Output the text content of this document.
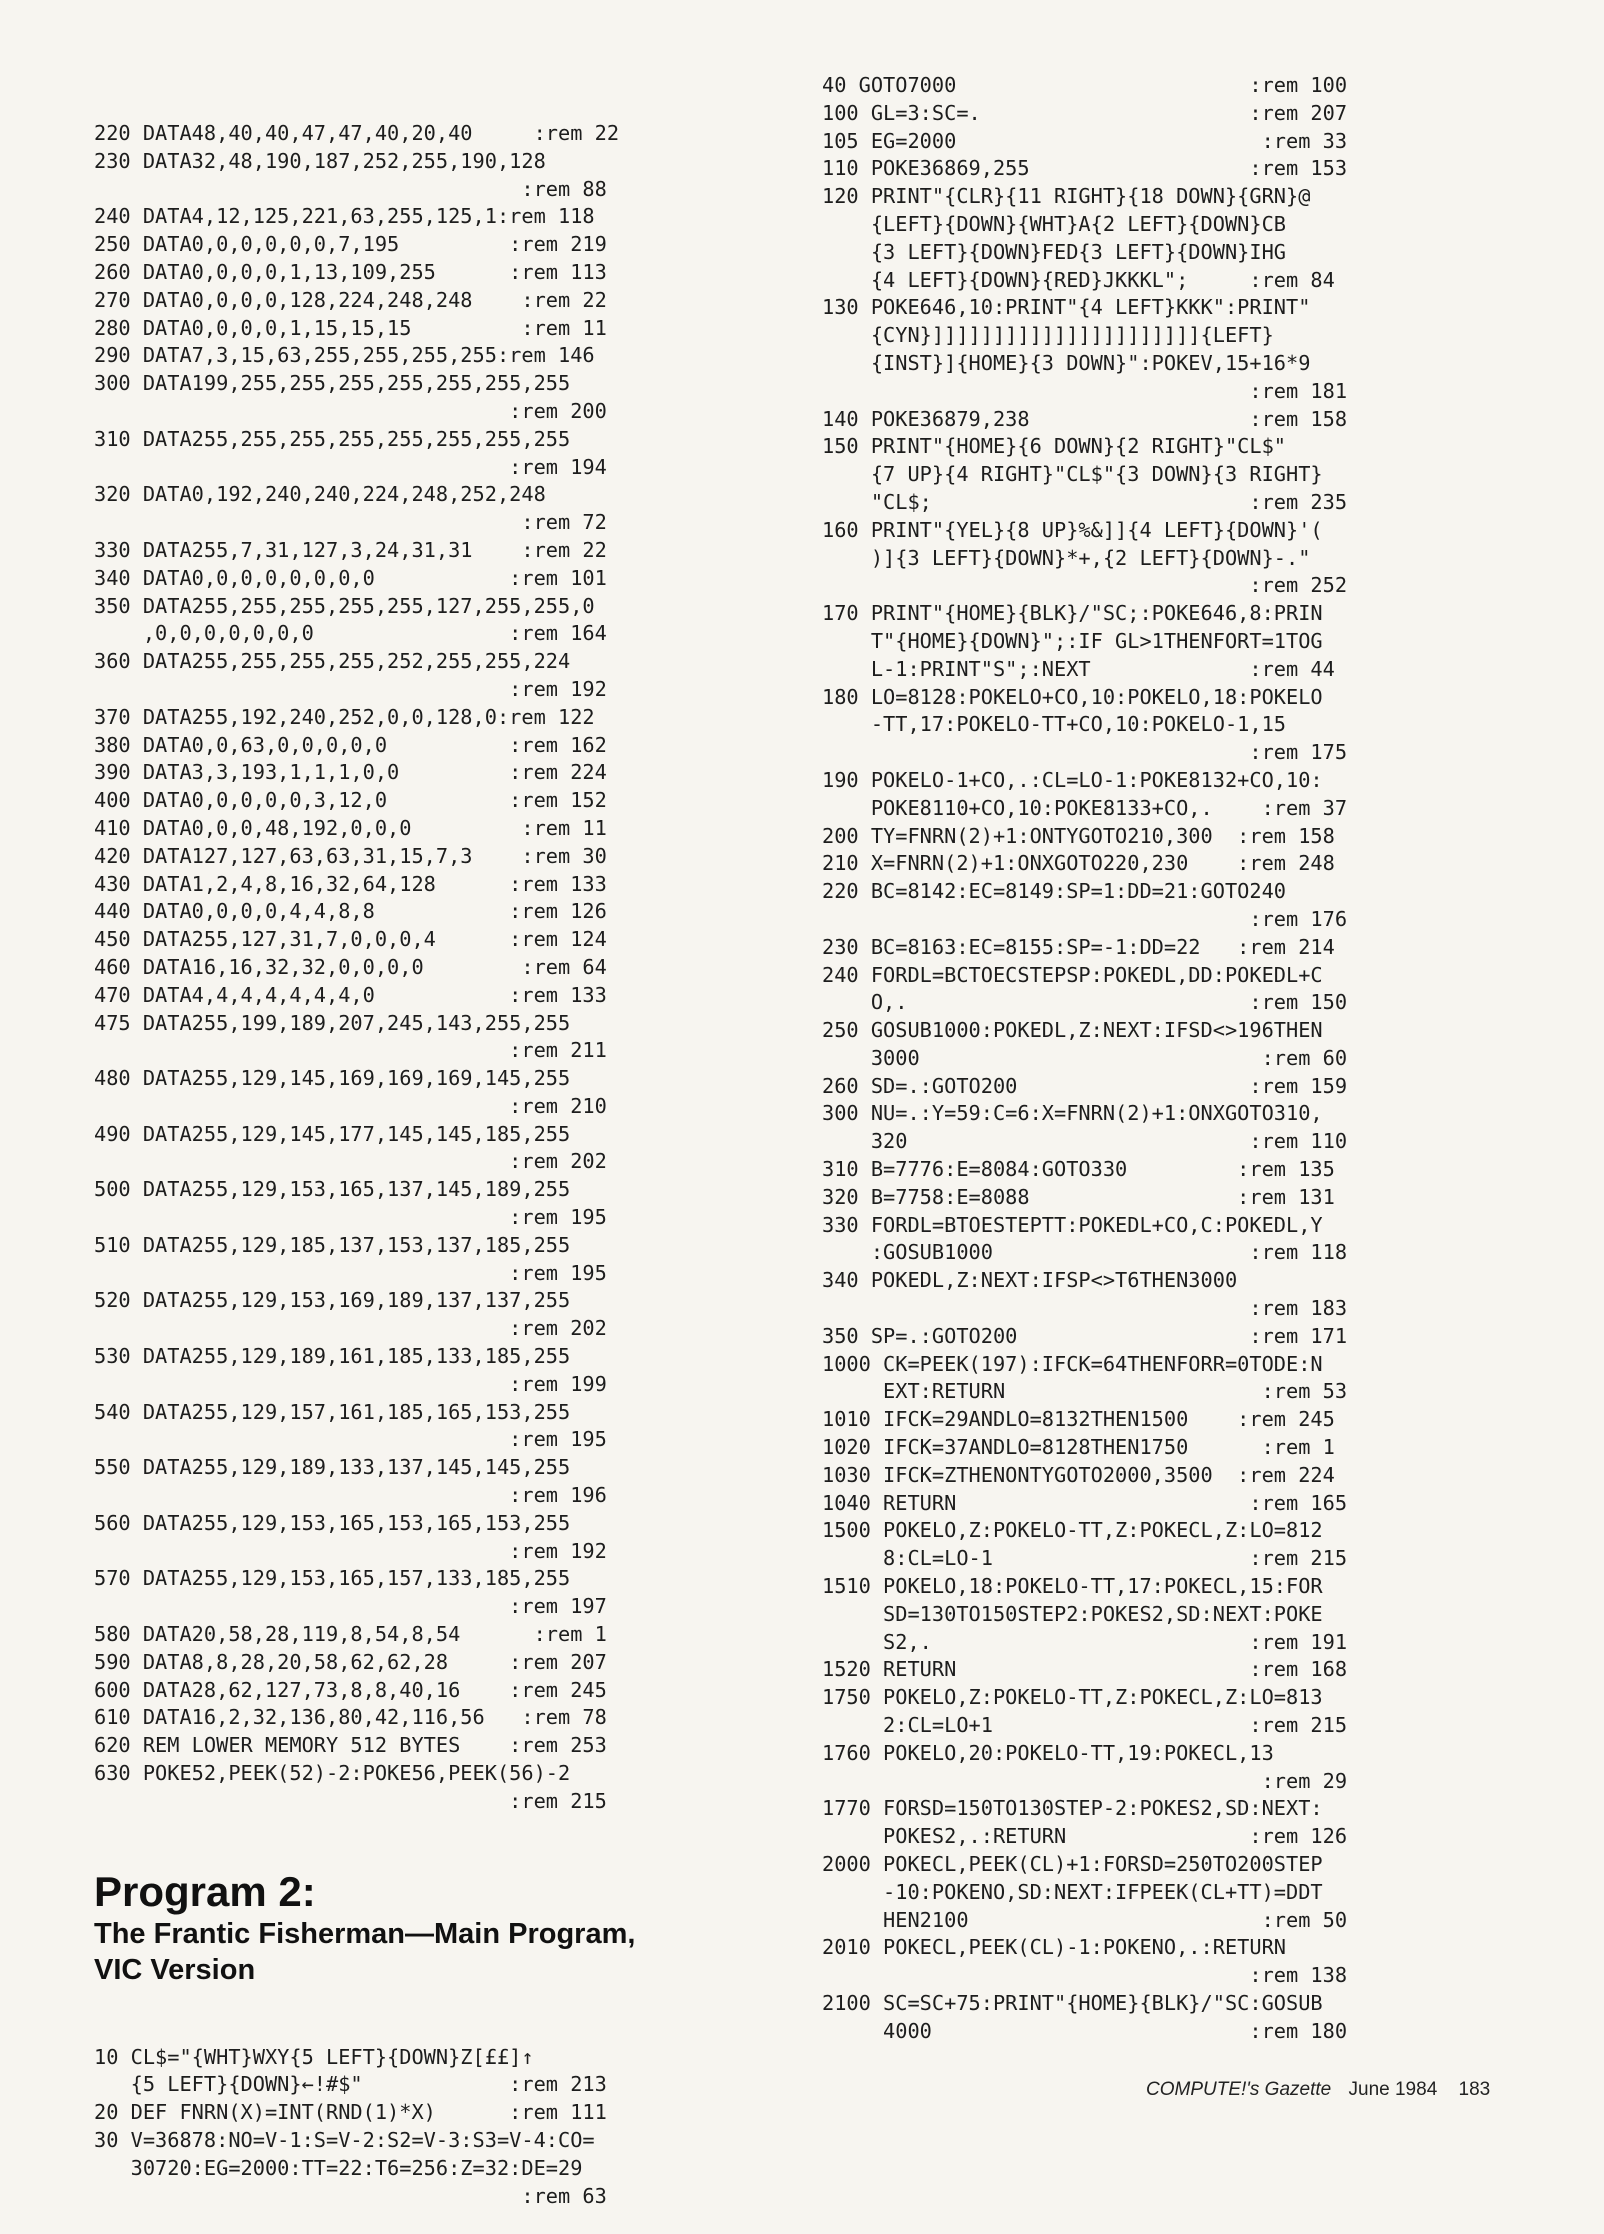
220 DATA48,40,40,47,47,40,20,40     :rem 22
230 DATA32,48,190,187,252,255,190,128
:rem 88
240 DATA4,12,125,221,63,255,125,1:rem 118
250 DATA0,0,0,0,0,0,7,195         :rem 219
260 DATA0,0,0,0,1,13,109,255      :rem 113
270 DATA0,0,0,0,128,224,248,248    :rem 22
280 DATA0,0,0,0,1,15,15,15         :rem 11
290 DATA7,3,15,63,255,255,255,255:rem 146
300 DATA199,255,255,255,255,255,255,255
:rem 200
310 DATA255,255,255,255,255,255,255,255
:rem 194
320 DATA0,192,240,240,224,248,252,248
:rem 72
330 DATA255,7,31,127,3,24,31,31    :rem 22
340 DATA0,0,0,0,0,0,0,0           :rem 101
350 DATA255,255,255,255,255,127,255,255,0
,0,0,0,0,0,0,0                :rem 164
360 DATA255,255,255,255,252,255,255,224
:rem 192
370 DATA255,192,240,252,0,0,128,0:rem 122
380 DATA0,0,63,0,0,0,0,0          :rem 162
390 DATA3,3,193,1,1,1,0,0         :rem 224
400 DATA0,0,0,0,0,3,12,0          :rem 152
410 DATA0,0,0,48,192,0,0,0         :rem 11
420 DATA127,127,63,63,31,15,7,3    :rem 30
430 DATA1,2,4,8,16,32,64,128      :rem 133
440 DATA0,0,0,0,4,4,8,8           :rem 126
450 DATA255,127,31,7,0,0,0,4      :rem 124
460 DATA16,16,32,32,0,0,0,0        :rem 64
470 DATA4,4,4,4,4,4,4,0           :rem 133
475 DATA255,199,189,207,245,143,255,255
:rem 211
480 DATA255,129,145,169,169,169,145,255
:rem 210
490 DATA255,129,145,177,145,145,185,255
:rem 202
500 DATA255,129,153,165,137,145,189,255
:rem 195
510 DATA255,129,185,137,153,137,185,255
:rem 195
520 DATA255,129,153,169,189,137,137,255
:rem 202
530 DATA255,129,189,161,185,133,185,255
:rem 199
540 DATA255,129,157,161,185,165,153,255
:rem 195
550 DATA255,129,189,133,137,145,145,255
:rem 196
560 DATA255,129,153,165,153,165,153,255
:rem 192
570 DATA255,129,153,165,157,133,185,255
:rem 197
580 DATA20,58,28,119,8,54,8,54      :rem 1
590 DATA8,8,28,20,58,62,62,28     :rem 207
600 DATA28,62,127,73,8,8,40,16    :rem 245
610 DATA16,2,32,136,80,42,116,56   :rem 78
620 REM LOWER MEMORY 512 BYTES    :rem 253
630 POKE52,PEEK(52)-2:POKE56,PEEK(56)-2
:rem 215

Program 2:
The Frantic Fisherman—Main Program,
VIC Version

10 CL$="{WHT}WXY{5 LEFT}{DOWN}Z[££]↑
{5 LEFT}{DOWN}←!#$"            :rem 213
20 DEF FNRN(X)=INT(RND(1)*X)      :rem 111
30 V=36878:NO=V-1:S=V-2:S2=V-3:S3=V-4:CO=
30720:EG=2000:TT=22:T6=256:Z=32:DE=29
:rem 63

40 GOTO7000                        :rem 100
100 GL=3:SC=.                      :rem 207
105 EG=2000                         :rem 33
110 POKE36869,255                  :rem 153
120 PRINT"{CLR}{11 RIGHT}{18 DOWN}{GRN}@
{LEFT}{DOWN}{WHT}A{2 LEFT}{DOWN}CB
{3 LEFT}{DOWN}FED{3 LEFT}{DOWN}IHG
{4 LEFT}{DOWN}{RED}JKKKL";     :rem 84
130 POKE646,10:PRINT"{4 LEFT}KKK":PRINT"
{CYN}]]]]]]]]]]]]]]]]]]]]]]{LEFT}
{INST}]{HOME}{3 DOWN}":POKEV,15+16*9
:rem 181
140 POKE36879,238                  :rem 158
150 PRINT"{HOME}{6 DOWN}{2 RIGHT}"CL$"
{7 UP}{4 RIGHT}"CL$"{3 DOWN}{3 RIGHT}
"CL$;                          :rem 235
160 PRINT"{YEL}{8 UP}%&]]{4 LEFT}{DOWN}'(
)]{3 LEFT}{DOWN}*+,{2 LEFT}{DOWN}-."
:rem 252
170 PRINT"{HOME}{BLK}/"SC;:POKE646,8:PRIN
T"{HOME}{DOWN}";:IF GL>1THENFORT=1TOG
L-1:PRINT"S";:NEXT             :rem 44
180 LO=8128:POKELO+CO,10:POKELO,18:POKELO
-TT,17:POKELO-TT+CO,10:POKELO-1,15
:rem 175
190 POKELO-1+CO,.:CL=LO-1:POKE8132+CO,10:
POKE8110+CO,10:POKE8133+CO,.    :rem 37
200 TY=FNRN(2)+1:ONTYGOTO210,300  :rem 158
210 X=FNRN(2)+1:ONXGOTO220,230    :rem 248
220 BC=8142:EC=8149:SP=1:DD=21:GOTO240
:rem 176
230 BC=8163:EC=8155:SP=-1:DD=22   :rem 214
240 FORDL=BCTOECSTEPSP:POKEDL,DD:POKEDL+C
O,.                            :rem 150
250 GOSUB1000:POKEDL,Z:NEXT:IFSD<>196THEN
3000                            :rem 60
260 SD=.:GOTO200                   :rem 159
300 NU=.:Y=59:C=6:X=FNRN(2)+1:ONXGOTO310,
320                            :rem 110
310 B=7776:E=8084:GOTO330         :rem 135
320 B=7758:E=8088                 :rem 131
330 FORDL=BTOESTEPTT:POKEDL+CO,C:POKEDL,Y
:GOSUB1000                     :rem 118
340 POKEDL,Z:NEXT:IFSP<>T6THEN3000
:rem 183
350 SP=.:GOTO200                   :rem 171
1000 CK=PEEK(197):IFCK=64THENFORR=0TODE:N
EXT:RETURN                     :rem 53
1010 IFCK=29ANDLO=8132THEN1500    :rem 245
1020 IFCK=37ANDLO=8128THEN1750      :rem 1
1030 IFCK=ZTHENONTYGOTO2000,3500  :rem 224
1040 RETURN                        :rem 165
1500 POKELO,Z:POKELO-TT,Z:POKECL,Z:LO=812
8:CL=LO-1                     :rem 215
1510 POKELO,18:POKELO-TT,17:POKECL,15:FOR
SD=130TO150STEP2:POKES2,SD:NEXT:POKE
S2,.                          :rem 191
1520 RETURN                        :rem 168
1750 POKELO,Z:POKELO-TT,Z:POKECL,Z:LO=813
2:CL=LO+1                     :rem 215
1760 POKELO,20:POKELO-TT,19:POKECL,13
:rem 29
1770 FORSD=150TO130STEP-2:POKES2,SD:NEXT:
POKES2,.:RETURN               :rem 126
2000 POKECL,PEEK(CL)+1:FORSD=250TO200STEP
-10:POKENO,SD:NEXT:IFPEEK(CL+TT)=DDT
HEN2100                        :rem 50
2010 POKECL,PEEK(CL)-1:POKENO,.:RETURN
:rem 138
2100 SC=SC+75:PRINT"{HOME}{BLK}/"SC:GOSUB
4000                          :rem 180
COMPUTE!'s Gazette June 1984 183
